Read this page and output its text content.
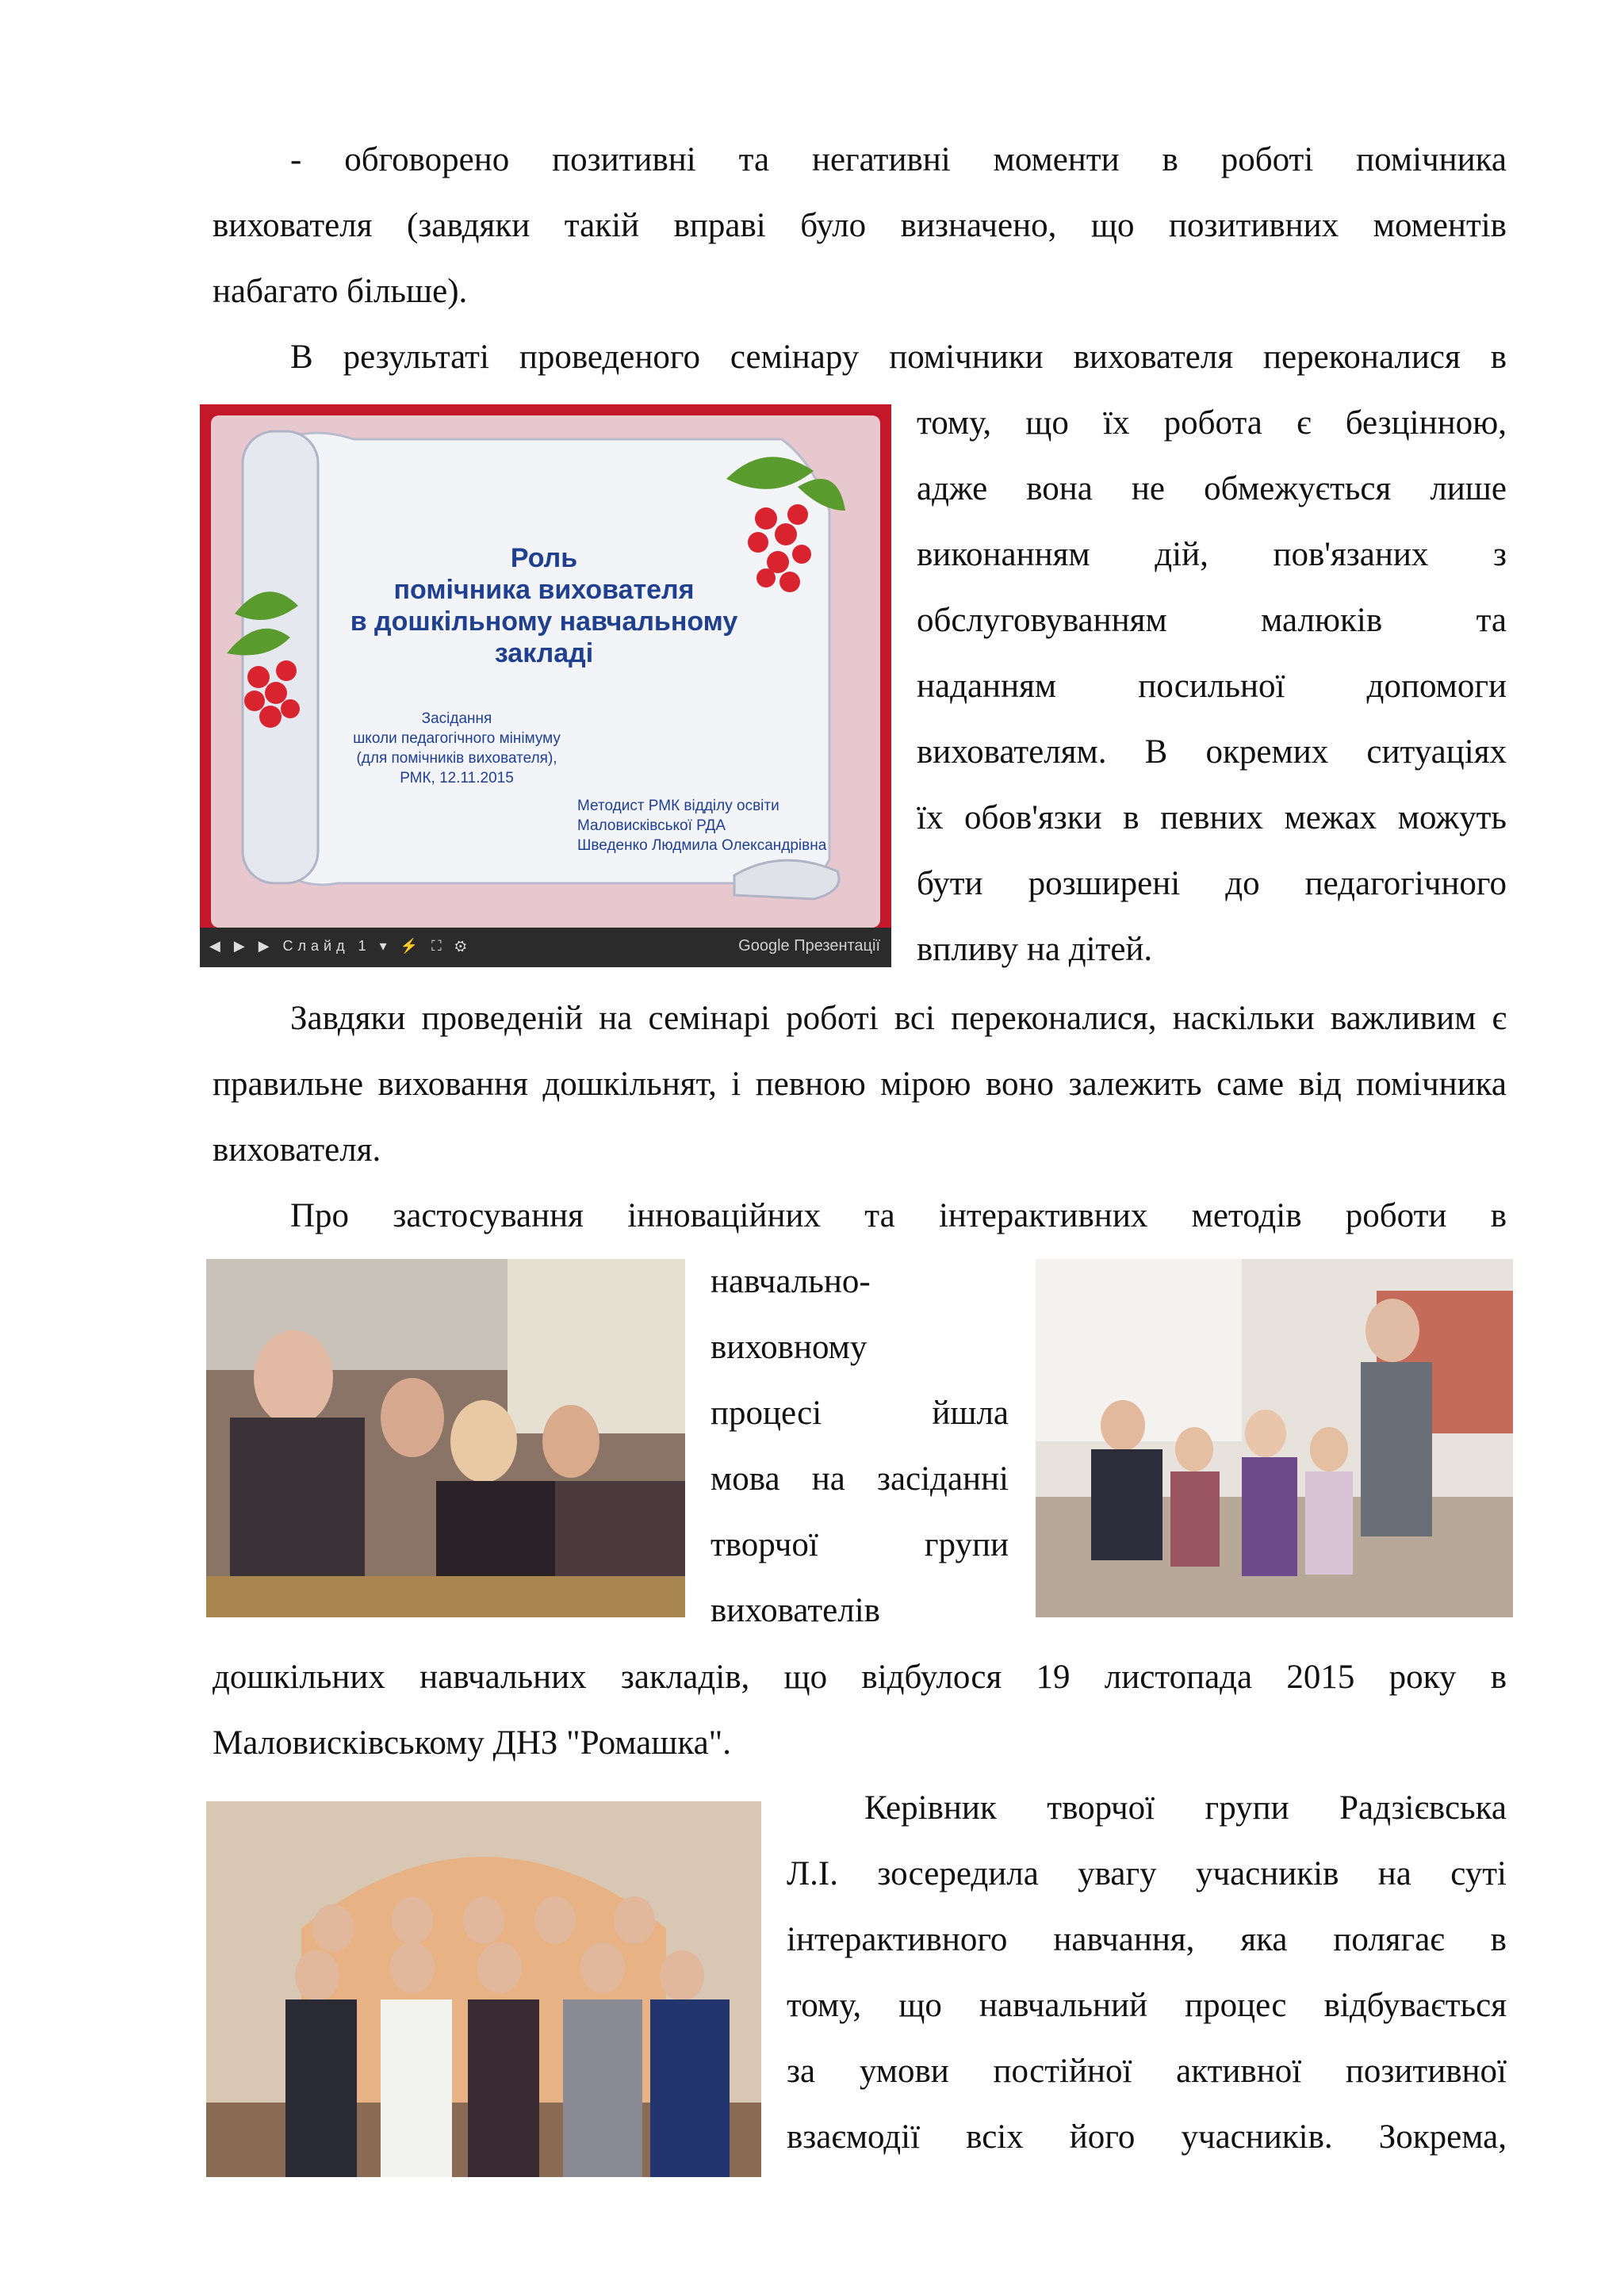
- обговорено позитивні та негативні моменти в роботі помічника

вихователя (завдяки такій вправі було визначено, що позитивних моментів

набагато більше).

В результаті проведеного семінару помічники вихователя переконалися в

Роль
помічника вихователя
в дошкільному навчальному
закладі
Засідання
школи педагогічного мінімуму
(для помічників вихователя),
РМК, 12.11.2015
Методист РМК відділу освіти
Маловисківської РДА
Шведенко Людмила Олександрівна
◀ ▶ ▶ Слайд 1 ▾ ⚡ ⛶ ⚙	Google Презентації
тому, що їх робота є безцінною,
адже вона не обмежується лише
виконанням дій, пов'язаних з
обслуговуванням малюків та
наданням посильної допомоги
вихователям. В окремих ситуаціях
їх обов'язки в певних межах можуть
бути розширені до педагогічного
впливу на дітей.

Завдяки проведеній на семінарі роботі всі переконалися, наскільки важливим є правильне виховання дошкільнят, і певною мірою воно залежить саме від помічника вихователя.

Про застосування інноваційних та інтерактивних методів роботи в

навчально-
виховному
процесі йшла
мова на засіданні
творчої групи
вихователів

дошкільних навчальних закладів, що відбулося 19 листопада 2015 року в Маловисківському ДНЗ "Ромашка".

Керівник творчої групи Радзієвська
Л.І. зосередила увагу учасників на суті
інтерактивного навчання, яка полягає в
тому, що навчальний процес відбувається
за умови постійної активної позитивної
взаємодії всіх його учасників. Зокрема,
